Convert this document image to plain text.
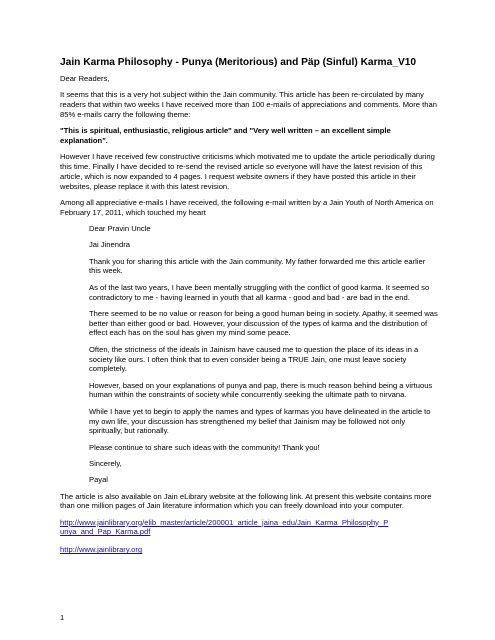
Jain Karma Philosophy - Punya (Meritorious) and Päp (Sinful) Karma_V10

Dear Readers,

It seems that this is a very hot subject within the Jain community. This article has been re-circulated by many readers that within two weeks I have received more than 100 e-mails of appreciations and comments. More than 85% e-mails carry the following theme:

"This is spiritual, enthusiastic, religious article" and "Very well written – an excellent simple explanation".

However I have received few constructive criticisms which motivated me to update the article periodically during this time. Finally I have decided to re-send the revised article so everyone will have the latest revision of this article, which is now expanded to 4 pages. I request website owners if they have posted this article in their websites, please replace it with this latest revision.

Among all appreciative e-mails I have received, the following e-mail written by a Jain Youth of North America on February 17, 2011, which touched my heart

Dear Pravin Uncle

Jai Jinendra

Thank you for sharing this article with the Jain community. My father forwarded me this article earlier this week.

As of the last two years, I have been mentally struggling with the conflict of good karma. It seemed so contradictory to me - having learned in youth that all karma - good and bad - are bad in the end.

There seemed to be no value or reason for being a good human being in society. Apathy, it seemed was better than either good or bad. However, your discussion of the types of karma and the distribution of effect each has on the soul has given my mind some peace.

Often, the strictness of the ideals in Jainism have caused me to question the place of its ideas in a society like ours. I often think that to even consider being a TRUE Jain, one must leave society completely.

However, based on your explanations of punya and pap, there is much reason behind being a virtuous human within the constraints of society while concurrently seeking the ultimate path to nirvana.

While I have yet to begin to apply the names and types of karmas you have delineated in the article to my own life, your discussion has strengthened my belief that Jainism may be followed not only spiritually, but rationally.

Please continue to share such ideas with the community! Thank you!

Sincerely,

Payal

The article is also available on Jain eLibrary website at the following link. At present this website contains more than one million pages of Jain literature information which you can freely download into your computer.

http://www.jainlibrary.org/elib_master/article/200001_article_jaina_edu/Jain_Karma_Philosophy_P
unya_and_Pap_Karma.pdf

http://www.jainlibrary.org

1
